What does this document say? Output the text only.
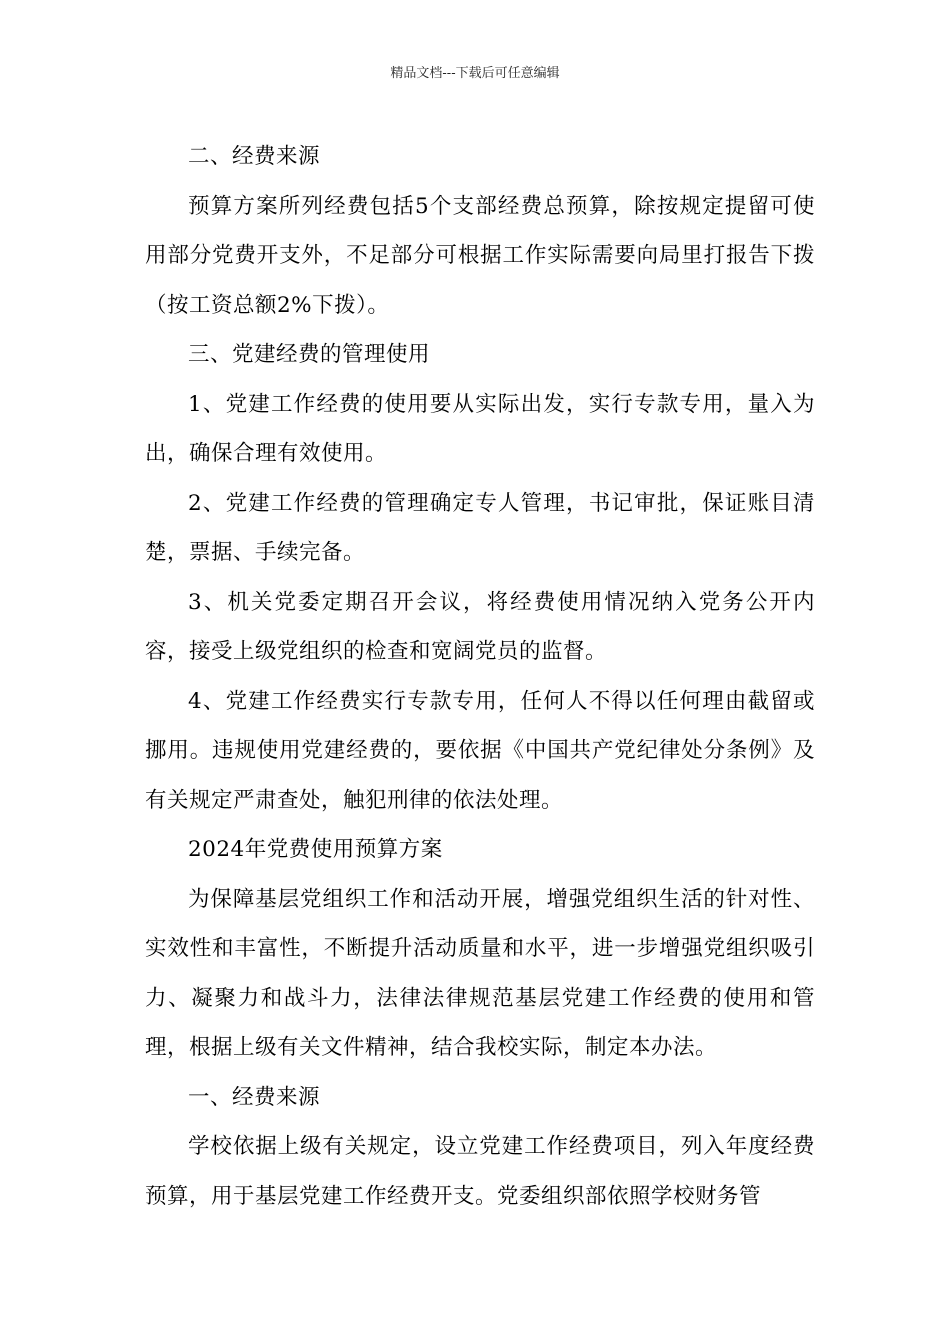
精品文档---下载后可任意编辑

二、经费来源

预算方案所列经费包括5个支部经费总预算，除按规定提留可使用部分党费开支外，不足部分可根据工作实际需要向局里打报告下拨（按工资总额2%下拨）。

三、党建经费的管理使用

1、党建工作经费的使用要从实际出发，实行专款专用，量入为出，确保合理有效使用。

2、党建工作经费的管理确定专人管理，书记审批，保证账目清楚，票据、手续完备。

3、机关党委定期召开会议，将经费使用情况纳入党务公开内容，接受上级党组织的检查和宽阔党员的监督。

4、党建工作经费实行专款专用，任何人不得以任何理由截留或挪用。违规使用党建经费的，要依据《中国共产党纪律处分条例》及有关规定严肃查处，触犯刑律的依法处理。

2024年党费使用预算方案

为保障基层党组织工作和活动开展，增强党组织生活的针对性、实效性和丰富性，不断提升活动质量和水平，进一步增强党组织吸引力、凝聚力和战斗力，法律法律规范基层党建工作经费的使用和管理，根据上级有关文件精神，结合我校实际，制定本办法。

一、经费来源

学校依据上级有关规定，设立党建工作经费项目，列入年度经费预算，用于基层党建工作经费开支。党委组织部依照学校财务管
